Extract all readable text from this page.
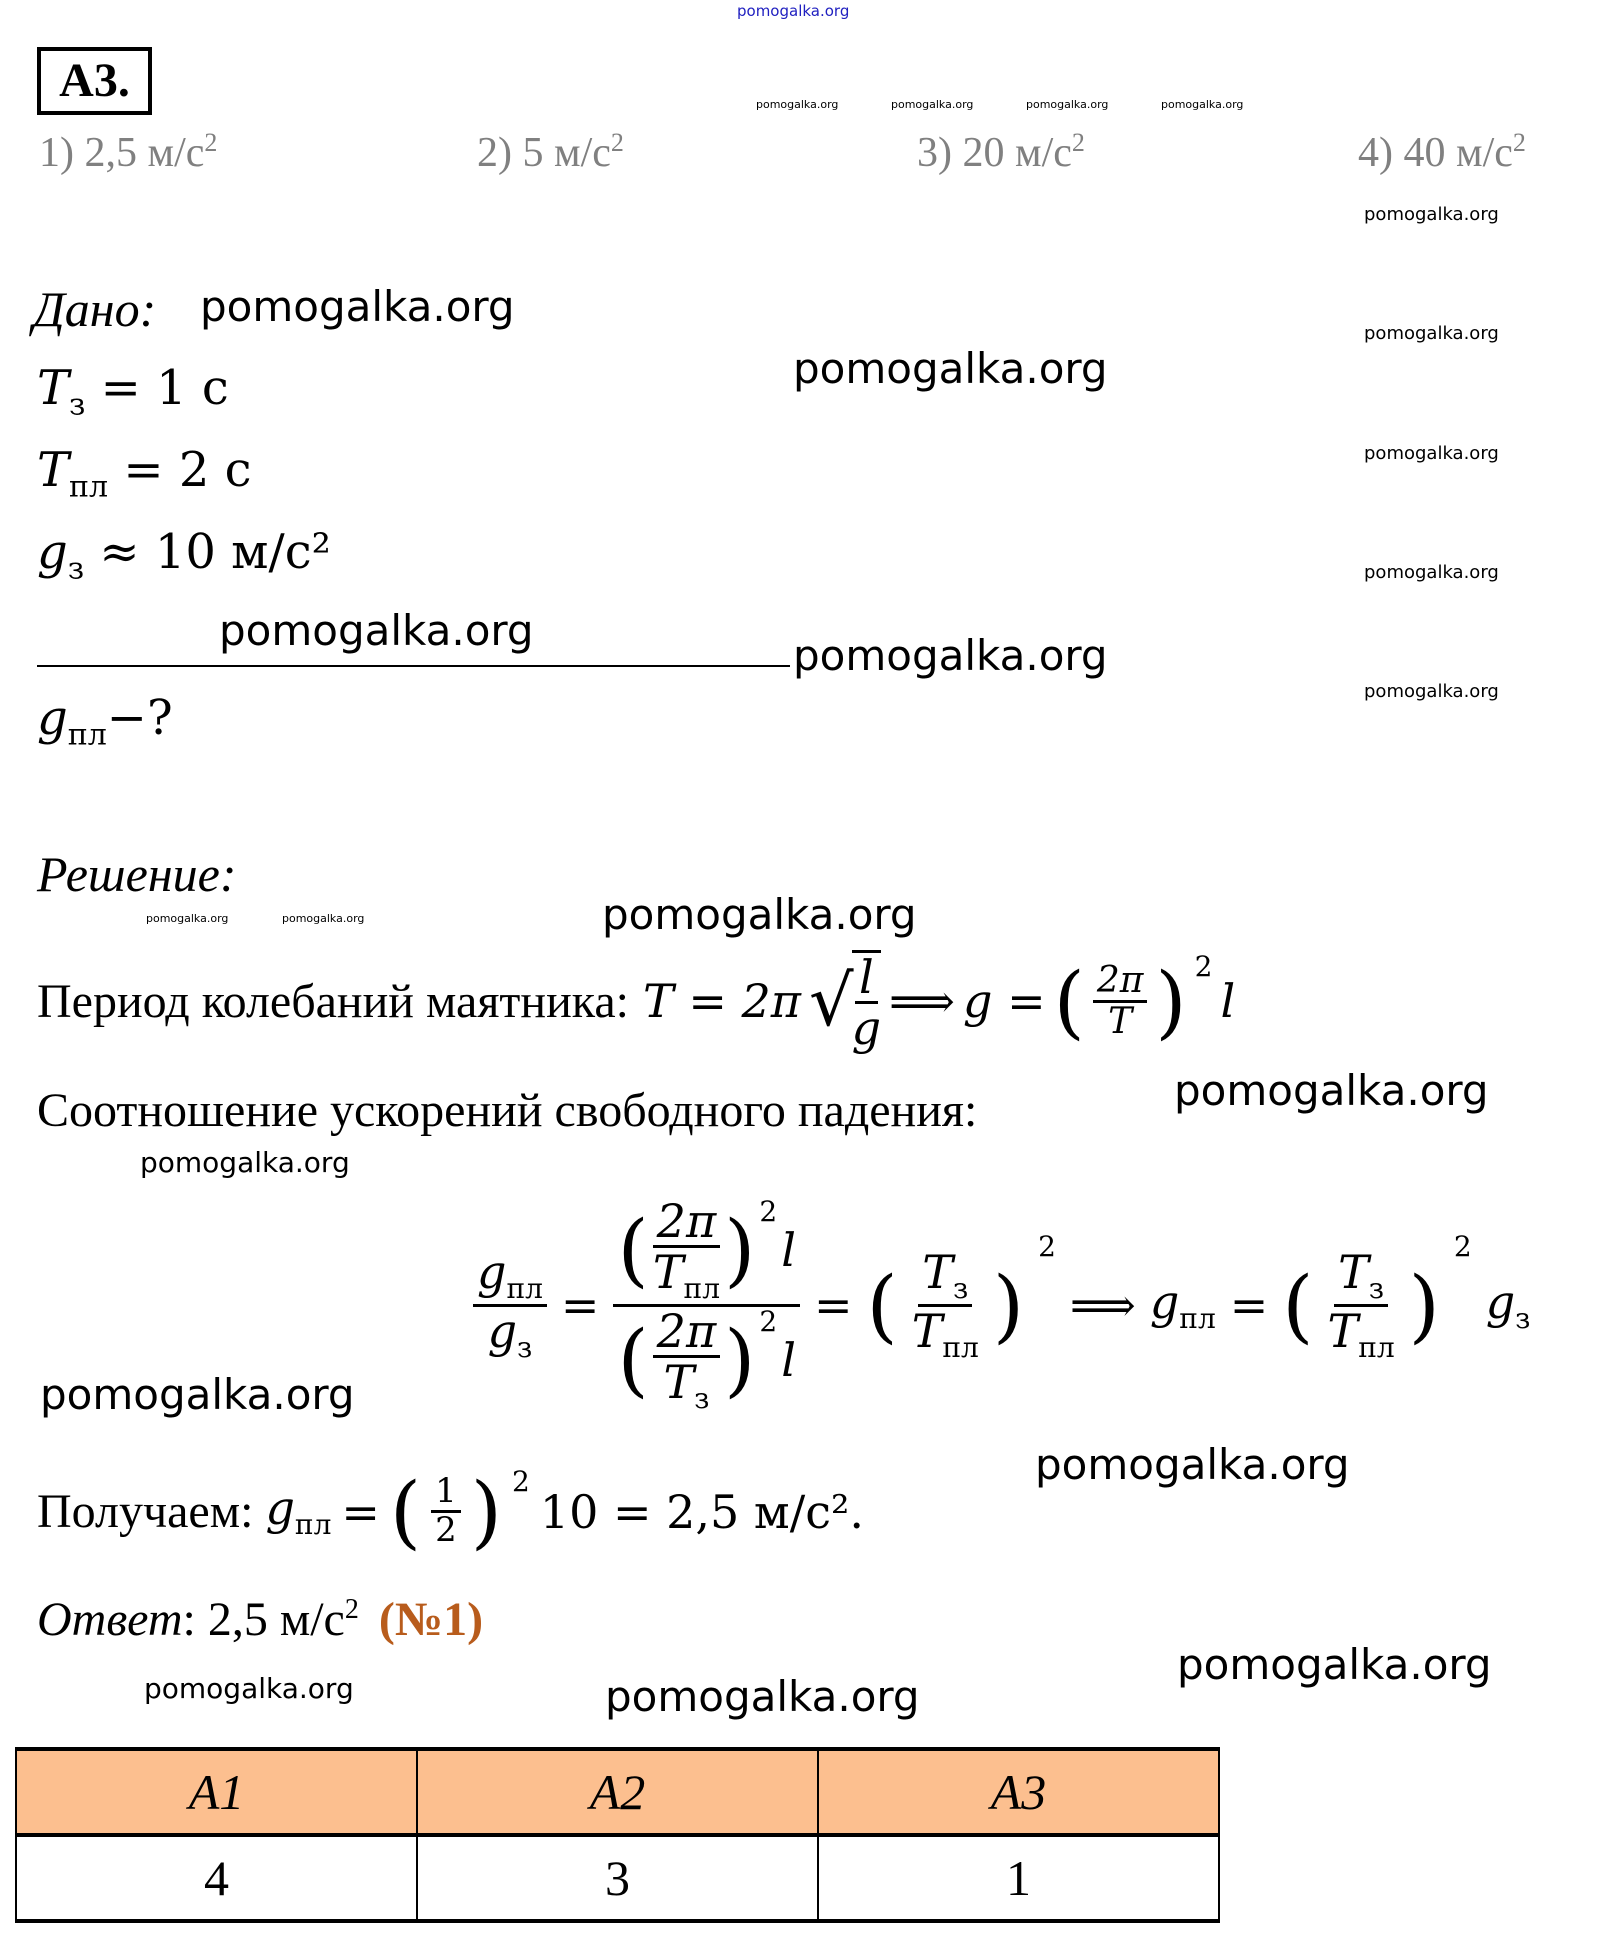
pomogalka.org
pomogalka.org	pomogalka.org	pomogalka.org	pomogalka.org
pomogalka.org
pomogalka.org
pomogalka.org
pomogalka.org
pomogalka.org
pomogalka.org	pomogalka.org
pomogalka.org
pomogalka.org
pomogalka.org
pomogalka.org
pomogalka.org
pomogalka.org
pomogalka.org
pomogalka.org
pomogalka.org
pomogalka.org	pomogalka.org
pomogalka.org
А3.
1) 2,5 $м/с^2$	2) 5 $м/с^2$	3) 20 $м/с^2$	4) 40 $м/с^2$
Дано:
$T_з = 1$ с
$T_{пл} = 2$ с
$g_з \approx 10$ м/с²
$g_{пл}-$?
Решение:
Период колебаний маятника: T = 2π √
$\frac{l}{g}$ ⟹ g = ( $\frac{2\pi}{T}$ ) $^2$
l
Соотношение ускорений свободного падения:
$\frac{g_{пл}}{g_з}$ = ( $\frac{2\pi}{T_{пл}} )^2$
l
( $\frac{2\pi}{T_з} )^2$
l = ( $\frac{T_з}{T_{пл}}$ )
$^2$
⟹ $g_{пл}$ = ( $\frac{T_з}{T_{пл}}$ )
$^2$
$g_з$
Получаем: $g_{пл}$ = ( $\frac{1}{2}$ ) $^2$
10 = 2,5 м/с².
Ответ: 2,5 $м/с^2$ (№1)
А1	А2	А3
4	3	1
